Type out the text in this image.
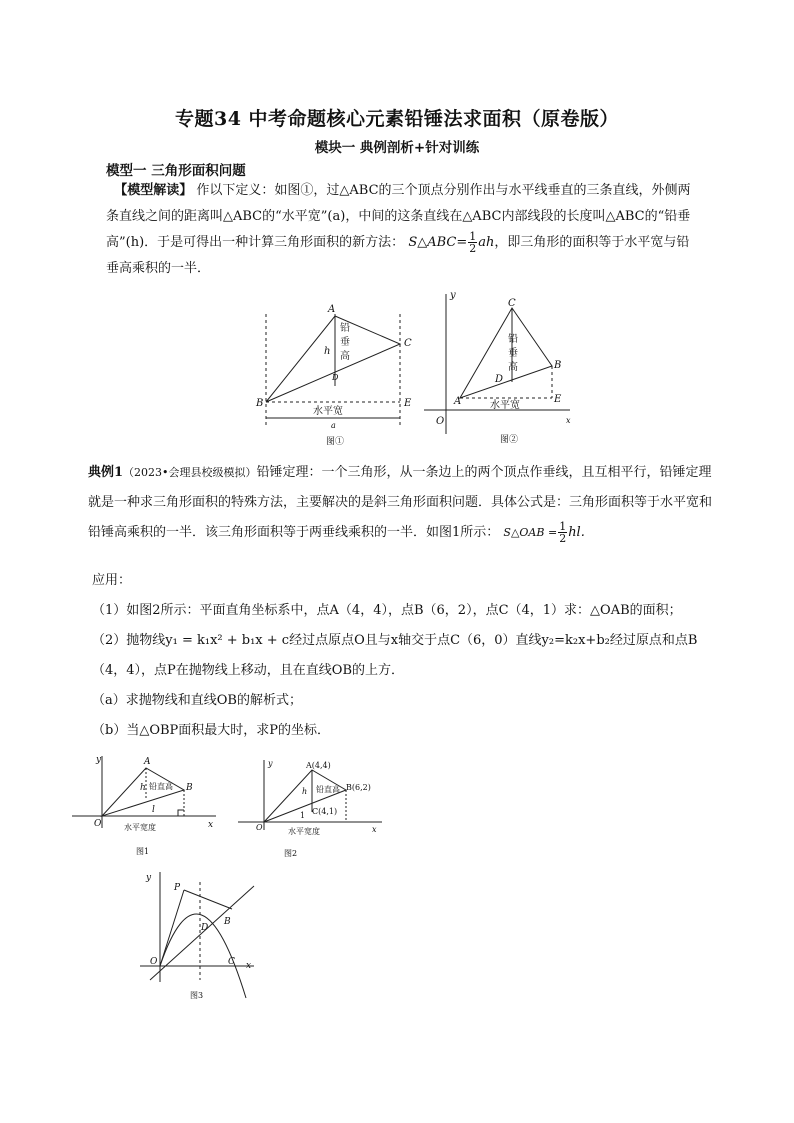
专题34 中考命题核心元素铅锤法求面积（原卷版）
模块一 典例剖析+针对训练
模型一 三角形面积问题
【模型解读】 作以下定义：如图①，过△ABC的三个顶点分别作出与水平线垂直的三条直线，外侧两条直线之间的距离叫△ABC的“水平宽”(a)，中间的这条直线在△ABC内部线段的长度叫△ABC的“铅垂高”(h)．于是可得出一种计算三角形面积的新方法： S△ABC= $\frac{1}{2}$ ah，即三角形的面积等于水平宽与铅垂高乘积的一半．
A
B
C
D
E
h
a
铅
垂
高
水平宽
图①
y
x
O
C
B
A
D
E
铅
垂
高
水平宽
图②
典例1（2023•会理县校级模拟）铅锤定理：一个三角形，从一条边上的两个顶点作垂线，且互相平行，铅锤定理就是一种求三角形面积的特殊方法，主要解决的是斜三角形面积问题．具体公式是：三角形面积等于水平宽和铅锤高乘积的一半．该三角形面积等于两垂线乘积的一半．如图1所示： S△OAB = $\frac{1}{2}$ hl.
应用：
（1）如图2所示：平面直角坐标系中，点A（4，4），点B（6，2），点C（4，1）求：△OAB的面积；
（2）抛物线y₁ = k₁x² + b₁x + c经过点原点O且与x轴交于点C（6，0）直线y₂=k₂x+b₂经过原点和点B（4，4），点P在抛物线上移动，且在直线OB的上方．
（a）求抛物线和直线OB的解析式；
（b）当△OBP面积最大时，求P的坐标．
y
x
O
A
B
h
l
铅直高
水平宽度
图1
y
x
O
A(4,4)
B(6,2)
C(4,1)
h
1
铅直高
水平宽度
图2
y
x
O
P
B
D
C
图3
